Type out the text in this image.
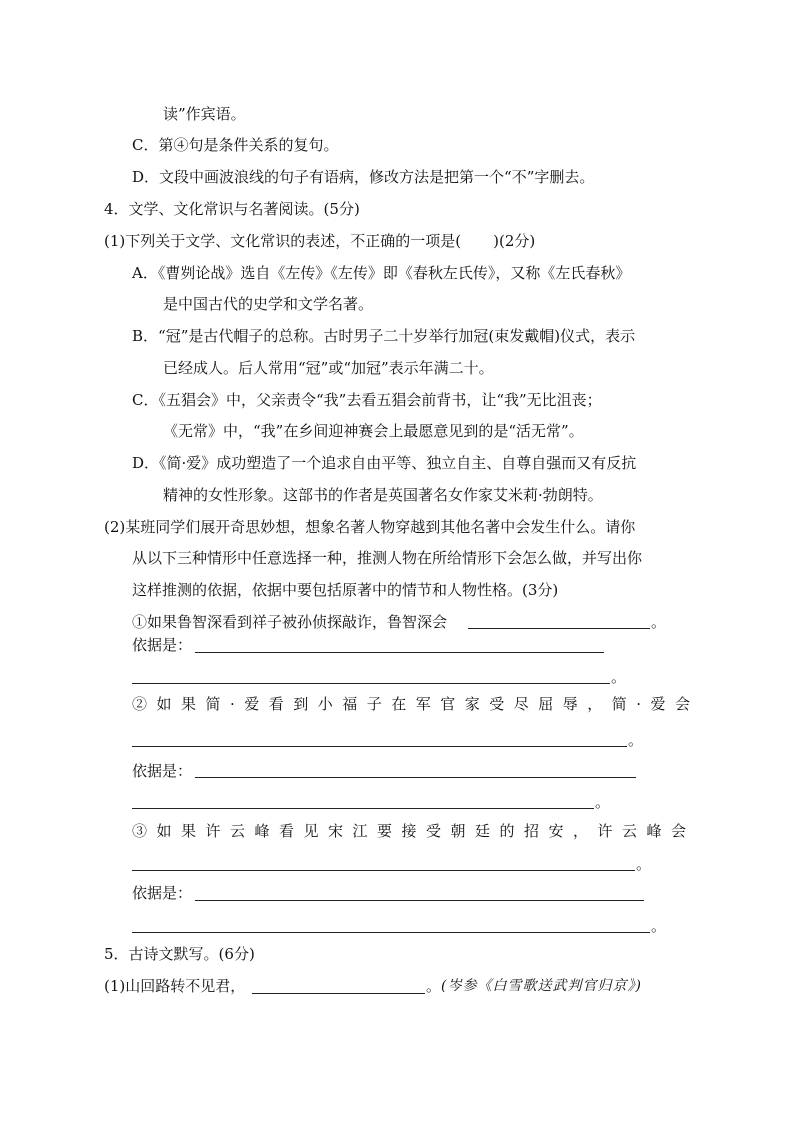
读”作宾语。
C．第④句是条件关系的复句。
D．文段中画波浪线的句子有语病，修改方法是把第一个“不”字删去。
4．文学、文化常识与名著阅读。(5分)
(1)下列关于文学、文化常识的表述，不正确的一项是( )(2分)
A．《曹刿论战》选自《左传》《左传》即《春秋左氏传》，又称《左氏春秋》
是中国古代的史学和文学名著。
B．“冠”是古代帽子的总称。古时男子二十岁举行加冠(束发戴帽)仪式，表示
已经成人。后人常用“冠”或“加冠”表示年满二十。
C．《五猖会》中，父亲责令“我”去看五猖会前背书，让“我”无比沮丧；
《无常》中，“我”在乡间迎神赛会上最愿意见到的是“活无常”。
D．《简·爱》成功塑造了一个追求自由平等、独立自主、自尊自强而又有反抗
精神的女性形象。这部书的作者是英国著名女作家艾米莉·勃朗特。
(2)某班同学们展开奇思妙想，想象名著人物穿越到其他名著中会发生什么。请你
从以下三种情形中任意选择一种，推测人物在所给情形下会怎么做，并写出你
这样推测的依据，依据中要包括原著中的情节和人物性格。(3分)
①如果鲁智深看到祥子被孙侦探敲诈，鲁智深会	。
依据是：
。
②如果简·爱看到小福子在军官家受尽屈辱，简·爱会
。
依据是：
。
③如果许云峰看见宋江要接受朝廷的招安，许云峰会
。
依据是：
。
5．古诗文默写。(6分)
(1)山回路转不见君，	。 (岑参《白雪歌送武判官归京》)
